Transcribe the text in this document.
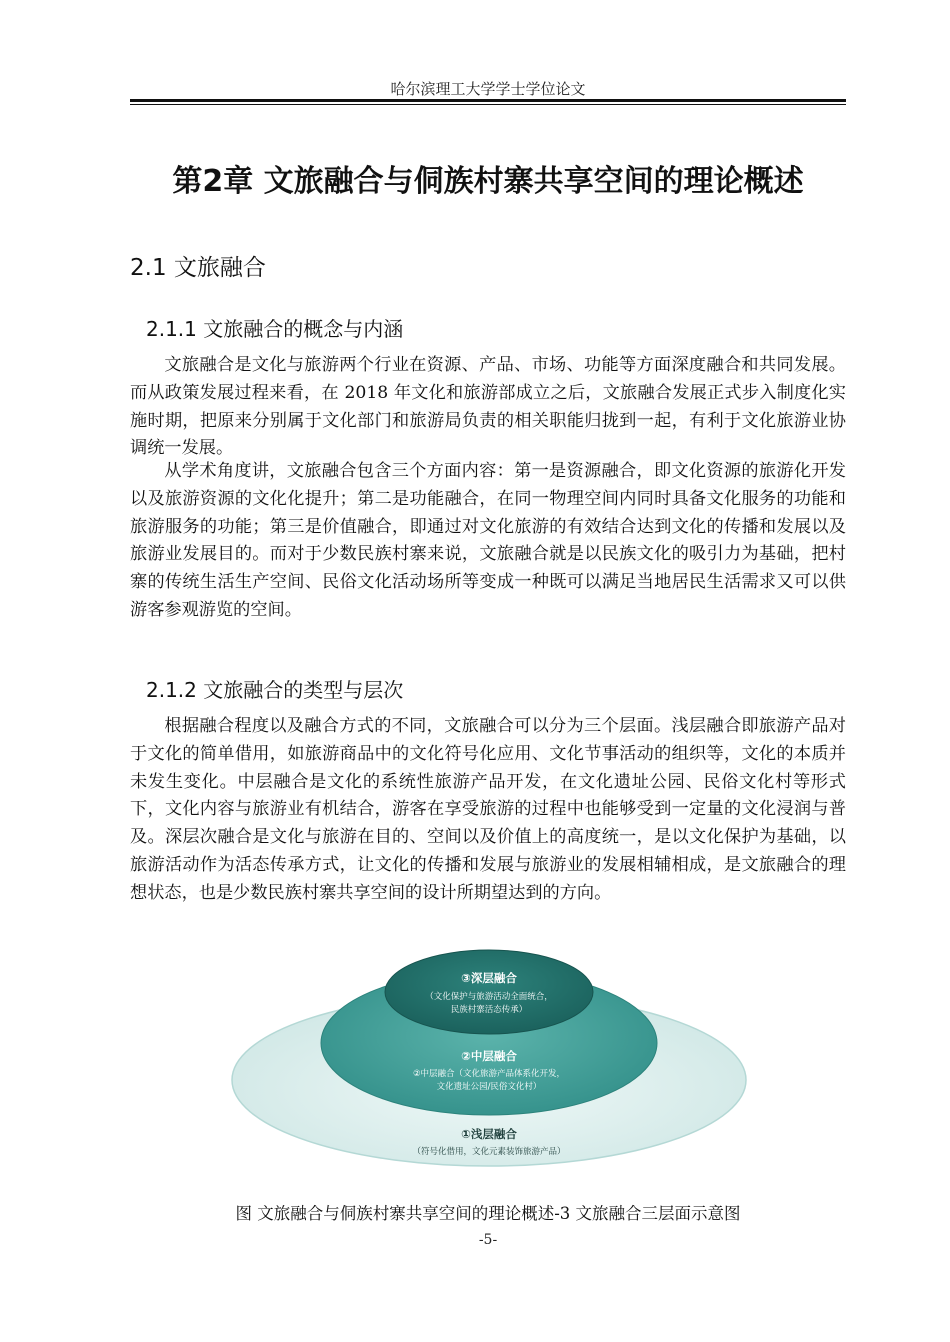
哈尔滨理工大学学士学位论文
第2章 文旅融合与侗族村寨共享空间的理论概述
2.1 文旅融合
2.1.1 文旅融合的概念与内涵

文旅融合是文化与旅游两个行业在资源、产品、市场、功能等方面深度融合和共同发展。而从政策发展过程来看，在 2018 年文化和旅游部成立之后，文旅融合发展正式步入制度化实施时期，把原来分别属于文化部门和旅游局负责的相关职能归拢到一起，有利于文化旅游业协调统一发展。

从学术角度讲，文旅融合包含三个方面内容：第一是资源融合，即文化资源的旅游化开发以及旅游资源的文化化提升；第二是功能融合，在同一物理空间内同时具备文化服务的功能和旅游服务的功能；第三是价值融合，即通过对文化旅游的有效结合达到文化的传播和发展以及旅游业发展目的。而对于少数民族村寨来说，文旅融合就是以民族文化的吸引力为基础，把村寨的传统生活生产空间、民俗文化活动场所等变成一种既可以满足当地居民生活需求又可以供游客参观游览的空间。

2.1.2 文旅融合的类型与层次

根据融合程度以及融合方式的不同，文旅融合可以分为三个层面。浅层融合即旅游产品对于文化的简单借用，如旅游商品中的文化符号化应用、文化节事活动的组织等，文化的本质并未发生变化。中层融合是文化的系统性旅游产品开发，在文化遗址公园、民俗文化村等形式下，文化内容与旅游业有机结合，游客在享受旅游的过程中也能够受到一定量的文化浸润与普及。深层次融合是文化与旅游在目的、空间以及价值上的高度统一，是以文化保护为基础，以旅游活动作为活态传承方式，让文化的传播和发展与旅游业的发展相辅相成，是文旅融合的理想状态，也是少数民族村寨共享空间的设计所期望达到的方向。

③深层融合
（文化保护与旅游活动全面统合，
民族村寨活态传承）
②中层融合
②中层融合（文化旅游产品体系化开发，
文化遗址公园/民俗文化村）
①浅层融合
（符号化借用，文化元素装饰旅游产品）
图 文旅融合与侗族村寨共享空间的理论概述-3 文旅融合三层面示意图
-5-
